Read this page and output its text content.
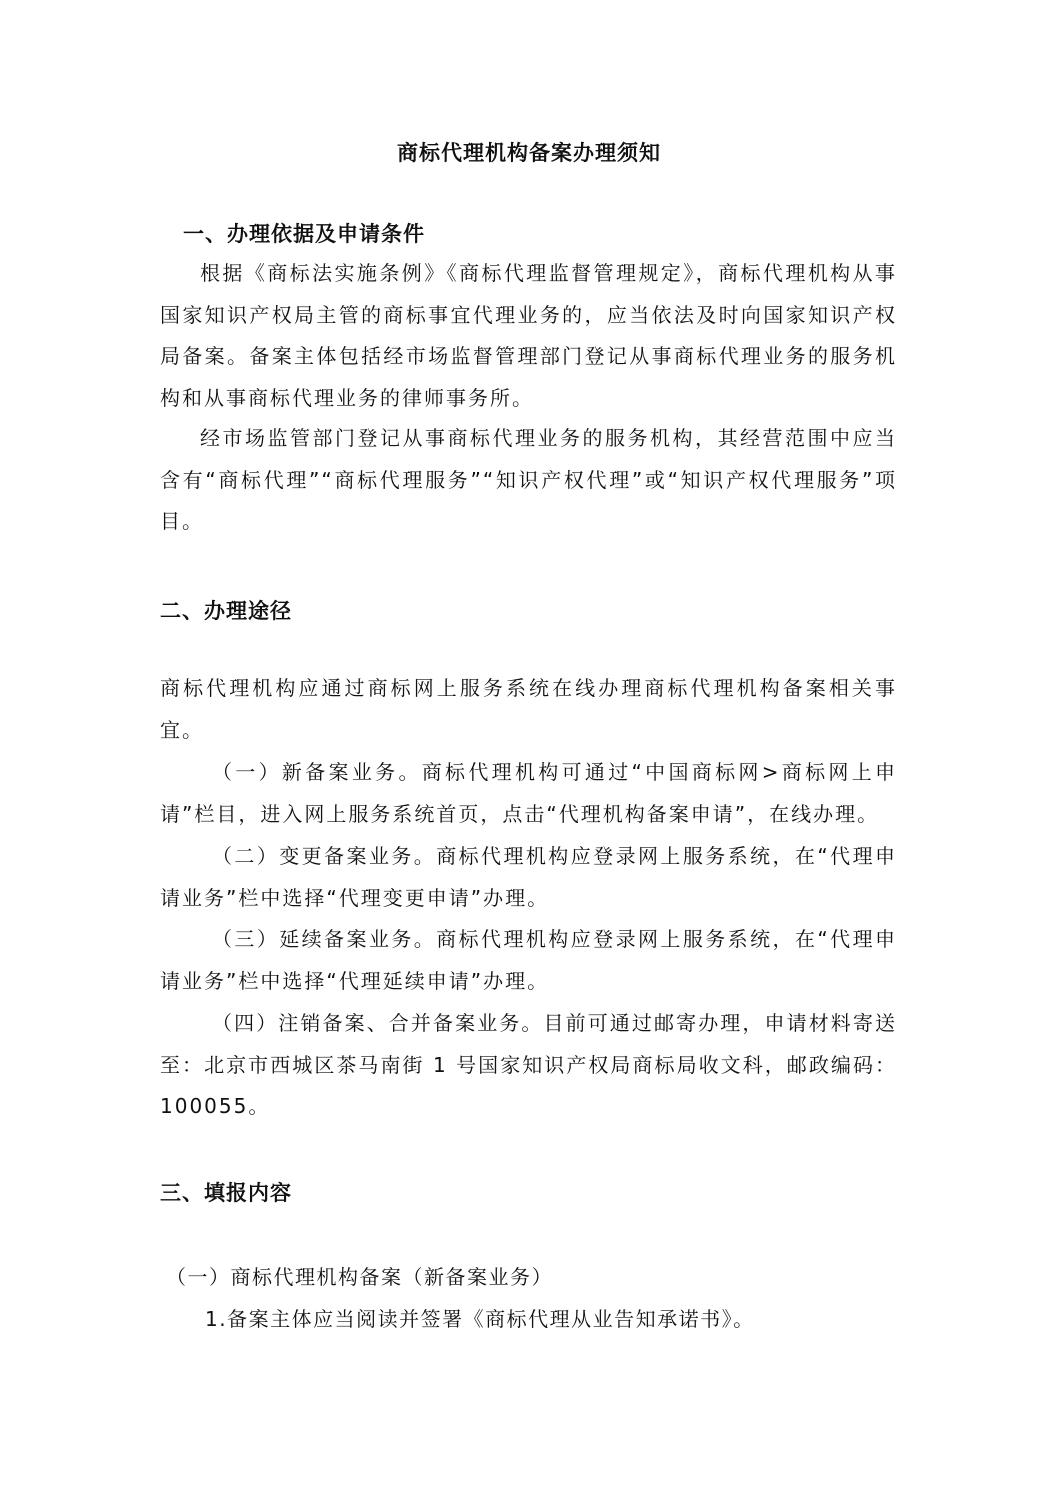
商标代理机构备案办理须知
一、办理依据及申请条件
根据《商标法实施条例》《商标代理监督管理规定》，商标代理机构从事国家知识产权局主管的商标事宜代理业务的，应当依法及时向国家知识产权局备案。备案主体包括经市场监督管理部门登记从事商标代理业务的服务机构和从事商标代理业务的律师事务所。
经市场监管部门登记从事商标代理业务的服务机构，其经营范围中应当含有“商标代理”“商标代理服务”“知识产权代理”或“知识产权代理服务”项目。
二、办理途径
商标代理机构应通过商标网上服务系统在线办理商标代理机构备案相关事宜。
（一）新备案业务。商标代理机构可通过“中国商标网>商标网上申请”栏目，进入网上服务系统首页，点击“代理机构备案申请”，在线办理。
（二）变更备案业务。商标代理机构应登录网上服务系统，在“代理申请业务”栏中选择“代理变更申请”办理。
（三）延续备案业务。商标代理机构应登录网上服务系统，在“代理申请业务”栏中选择“代理延续申请”办理。
（四）注销备案、合并备案业务。目前可通过邮寄办理，申请材料寄送至：北京市西城区茶马南街 1 号国家知识产权局商标局收文科，邮政编码：100055。
三、填报内容
（一）商标代理机构备案（新备案业务）
1.备案主体应当阅读并签署《商标代理从业告知承诺书》。
